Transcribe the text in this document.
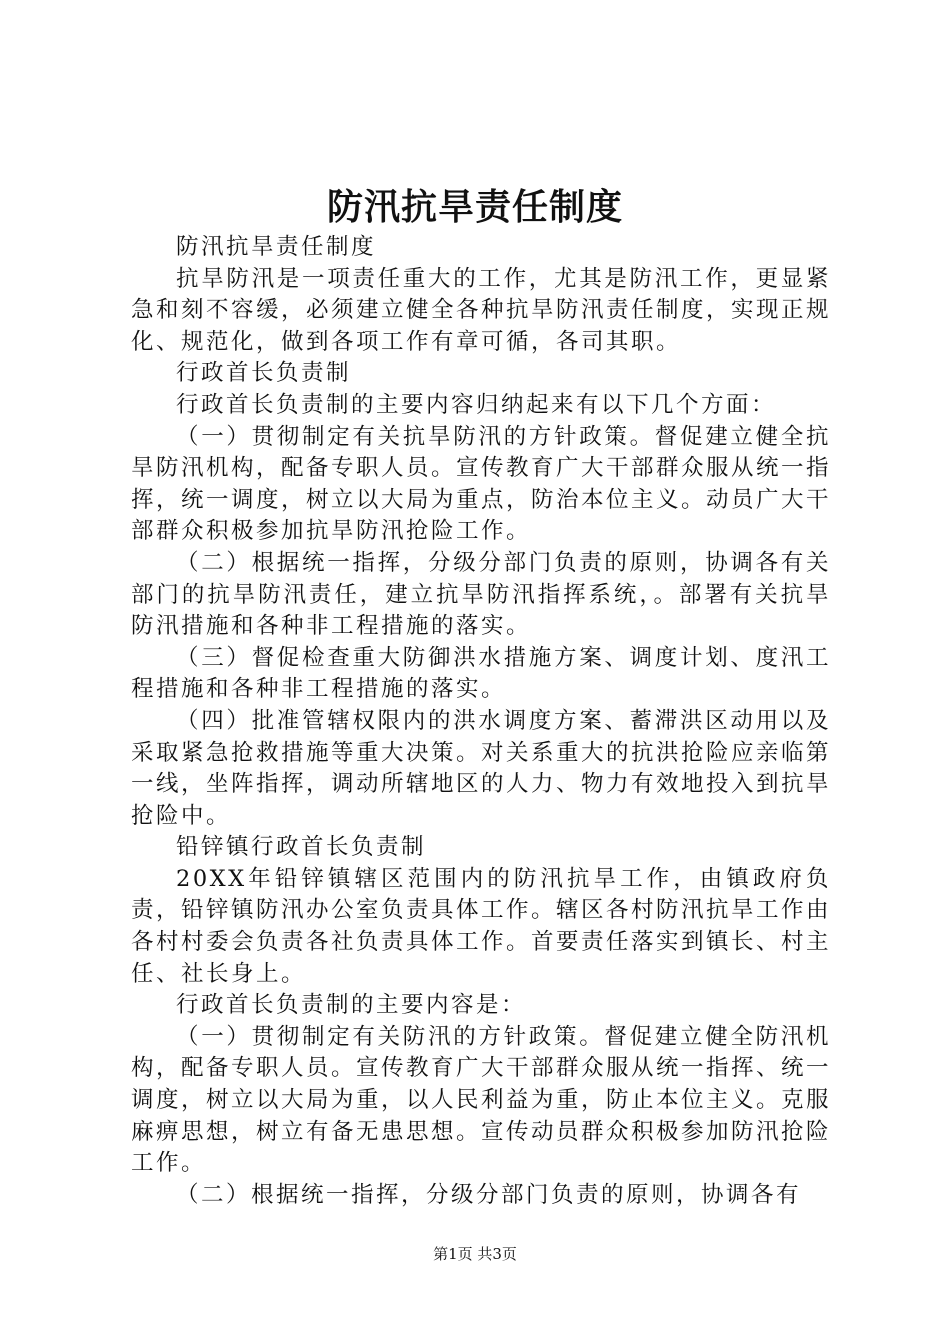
防汛抗旱责任制度

防汛抗旱责任制度

抗旱防汛是一项责任重大的工作，尤其是防汛工作，更显紧急和刻不容缓，必须建立健全各种抗旱防汛责任制度，实现正规化、规范化，做到各项工作有章可循，各司其职。

行政首长负责制

行政首长负责制的主要内容归纳起来有以下几个方面：

（一）贯彻制定有关抗旱防汛的方针政策。督促建立健全抗旱防汛机构，配备专职人员。宣传教育广大干部群众服从统一指挥，统一调度，树立以大局为重点，防治本位主义。动员广大干部群众积极参加抗旱防汛抢险工作。

（二）根据统一指挥，分级分部门负责的原则，协调各有关部门的抗旱防汛责任，建立抗旱防汛指挥系统，。部署有关抗旱防汛措施和各种非工程措施的落实。

（三）督促检查重大防御洪水措施方案、调度计划、度汛工程措施和各种非工程措施的落实。

（四）批准管辖权限内的洪水调度方案、蓄滞洪区动用以及采取紧急抢救措施等重大决策。对关系重大的抗洪抢险应亲临第一线，坐阵指挥，调动所辖地区的人力、物力有效地投入到抗旱抢险中。

铅锌镇行政首长负责制

20XX年铅锌镇辖区范围内的防汛抗旱工作，由镇政府负责，铅锌镇防汛办公室负责具体工作。辖区各村防汛抗旱工作由各村村委会负责各社负责具体工作。首要责任落实到镇长、村主任、社长身上。

行政首长负责制的主要内容是：

（一）贯彻制定有关防汛的方针政策。督促建立健全防汛机构，配备专职人员。宣传教育广大干部群众服从统一指挥、统一调度，树立以大局为重，以人民利益为重，防止本位主义。克服麻痹思想，树立有备无患思想。宣传动员群众积极参加防汛抢险工作。

（二）根据统一指挥，分级分部门负责的原则，协调各有

第1页 共3页
